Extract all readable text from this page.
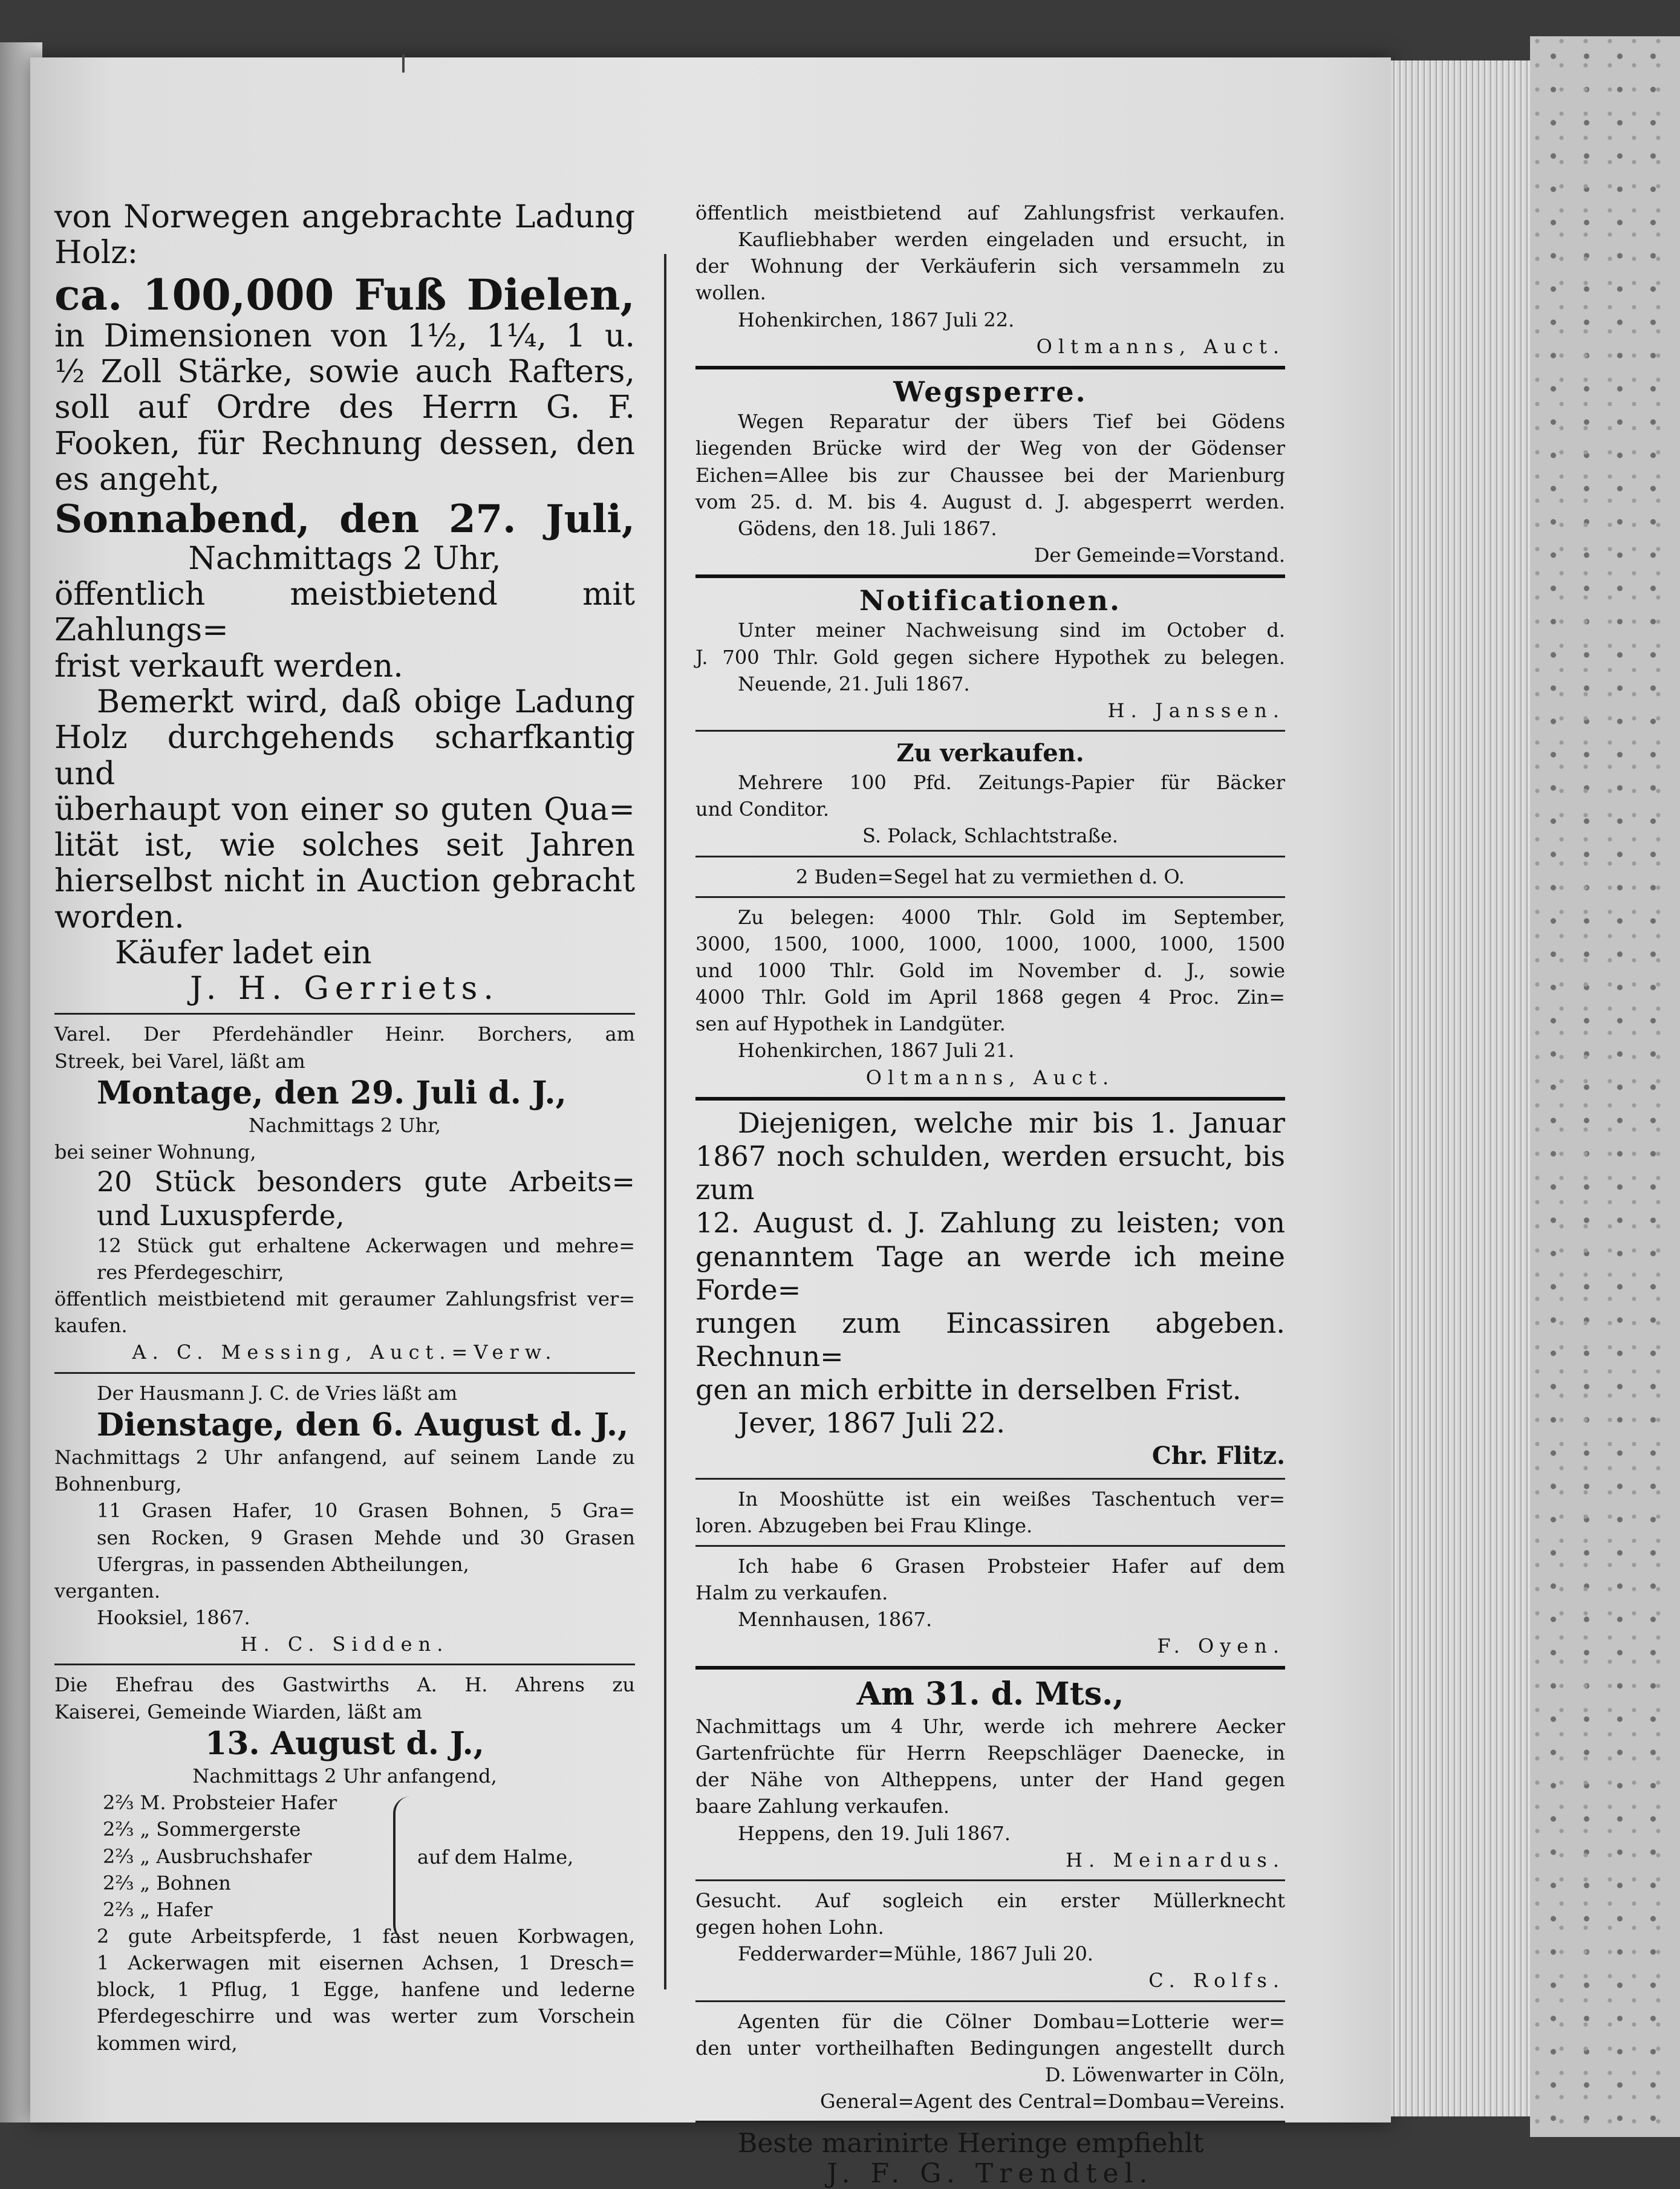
von Norwegen angebrachte Ladung

Holz:

ca. 100,000 Fuß Dielen,

in Dimensionen von 1½, 1¼, 1 u.

½ Zoll Stärke, sowie auch Rafters,

soll auf Ordre des Herrn G. F.

Fooken, für Rechnung dessen, den

es angeht,

Sonnabend, den 27. Juli,

Nachmittags 2 Uhr,

öffentlich meistbietend mit Zahlungs=

frist verkauft werden.

Bemerkt wird, daß obige Ladung

Holz durchgehends scharfkantig und

überhaupt von einer so guten Qua=

lität ist, wie solches seit Jahren

hierselbst nicht in Auction gebracht

worden.

Käufer ladet ein

J. H. Gerriets.

Varel. Der Pferdehändler Heinr. Borchers, am

Streek, bei Varel, läßt am

Montage, den 29. Juli d. J.,

Nachmittags 2 Uhr,

bei seiner Wohnung,

20 Stück besonders gute Arbeits=

und Luxuspferde,

12 Stück gut erhaltene Ackerwagen und mehre=

res Pferdegeschirr,

öffentlich meistbietend mit geraumer Zahlungsfrist ver=

kaufen.

A. C. Messing, Auct.=Verw.

Der Hausmann J. C. de Vries läßt am

Dienstage, den 6. August d. J.,

Nachmittags 2 Uhr anfangend, auf seinem Lande zu

Bohnenburg,

11 Grasen Hafer, 10 Grasen Bohnen, 5 Gra=

sen Rocken, 9 Grasen Mehde und 30 Grasen

Ufergras, in passenden Abtheilungen,

verganten.

Hooksiel, 1867.

H. C. Sidden.

Die Ehefrau des Gastwirths A. H. Ahrens zu

Kaiserei, Gemeinde Wiarden, läßt am

13. August d. J.,

Nachmittags 2 Uhr anfangend,

2⅔ M. Probsteier Hafer

2⅔ „ Sommergerste

2⅔ „ Ausbruchshafer

2⅔ „ Bohnen

2⅔ „ Hafer

auf dem Halme,

2 gute Arbeitspferde, 1 fast neuen Korbwagen,

1 Ackerwagen mit eisernen Achsen, 1 Dresch=

block, 1 Pflug, 1 Egge, hanfene und lederne

Pferdegeschirre und was werter zum Vorschein

kommen wird,

öffentlich meistbietend auf Zahlungsfrist verkaufen.

Kaufliebhaber werden eingeladen und ersucht, in

der Wohnung der Verkäuferin sich versammeln zu

wollen.

Hohenkirchen, 1867 Juli 22.

Oltmanns, Auct.

Wegsperre.

Wegen Reparatur der übers Tief bei Gödens

liegenden Brücke wird der Weg von der Gödenser

Eichen=Allee bis zur Chaussee bei der Marienburg

vom 25. d. M. bis 4. August d. J. abgesperrt werden.

Gödens, den 18. Juli 1867.

Der Gemeinde=Vorstand.

Notificationen.

Unter meiner Nachweisung sind im October d.

J. 700 Thlr. Gold gegen sichere Hypothek zu belegen.

Neuende, 21. Juli 1867.

H. Janssen.

Zu verkaufen.

Mehrere 100 Pfd. Zeitungs-Papier für Bäcker

und Conditor.

S. Polack, Schlachtstraße.

2 Buden=Segel hat zu vermiethen d. O.

Zu belegen: 4000 Thlr. Gold im September,

3000, 1500, 1000, 1000, 1000, 1000, 1000, 1500

und 1000 Thlr. Gold im November d. J., sowie

4000 Thlr. Gold im April 1868 gegen 4 Proc. Zin=

sen auf Hypothek in Landgüter.

Hohenkirchen, 1867 Juli 21.

Oltmanns, Auct.

Diejenigen, welche mir bis 1. Januar

1867 noch schulden, werden ersucht, bis zum

12. August d. J. Zahlung zu leisten; von

genanntem Tage an werde ich meine Forde=

rungen zum Eincassiren abgeben. Rechnun=

gen an mich erbitte in derselben Frist.

Jever, 1867 Juli 22.

Chr. Flitz.

In Mooshütte ist ein weißes Taschentuch ver=

loren. Abzugeben bei Frau Klinge.

Ich habe 6 Grasen Probsteier Hafer auf dem

Halm zu verkaufen.

Mennhausen, 1867.

F. Oyen.

Am 31. d. Mts.,

Nachmittags um 4 Uhr, werde ich mehrere Aecker

Gartenfrüchte für Herrn Reepschläger Daenecke, in

der Nähe von Altheppens, unter der Hand gegen

baare Zahlung verkaufen.

Heppens, den 19. Juli 1867.

H. Meinardus.

Gesucht. Auf sogleich ein erster Müllerknecht

gegen hohen Lohn.

Fedderwarder=Mühle, 1867 Juli 20.

C. Rolfs.

Agenten für die Cölner Dombau=Lotterie wer=

den unter vortheilhaften Bedingungen angestellt durch

D. Löwenwarter in Cöln,

General=Agent des Central=Dombau=Vereins.

Beste marinirte Heringe empfiehlt

J. F. G. Trendtel.
